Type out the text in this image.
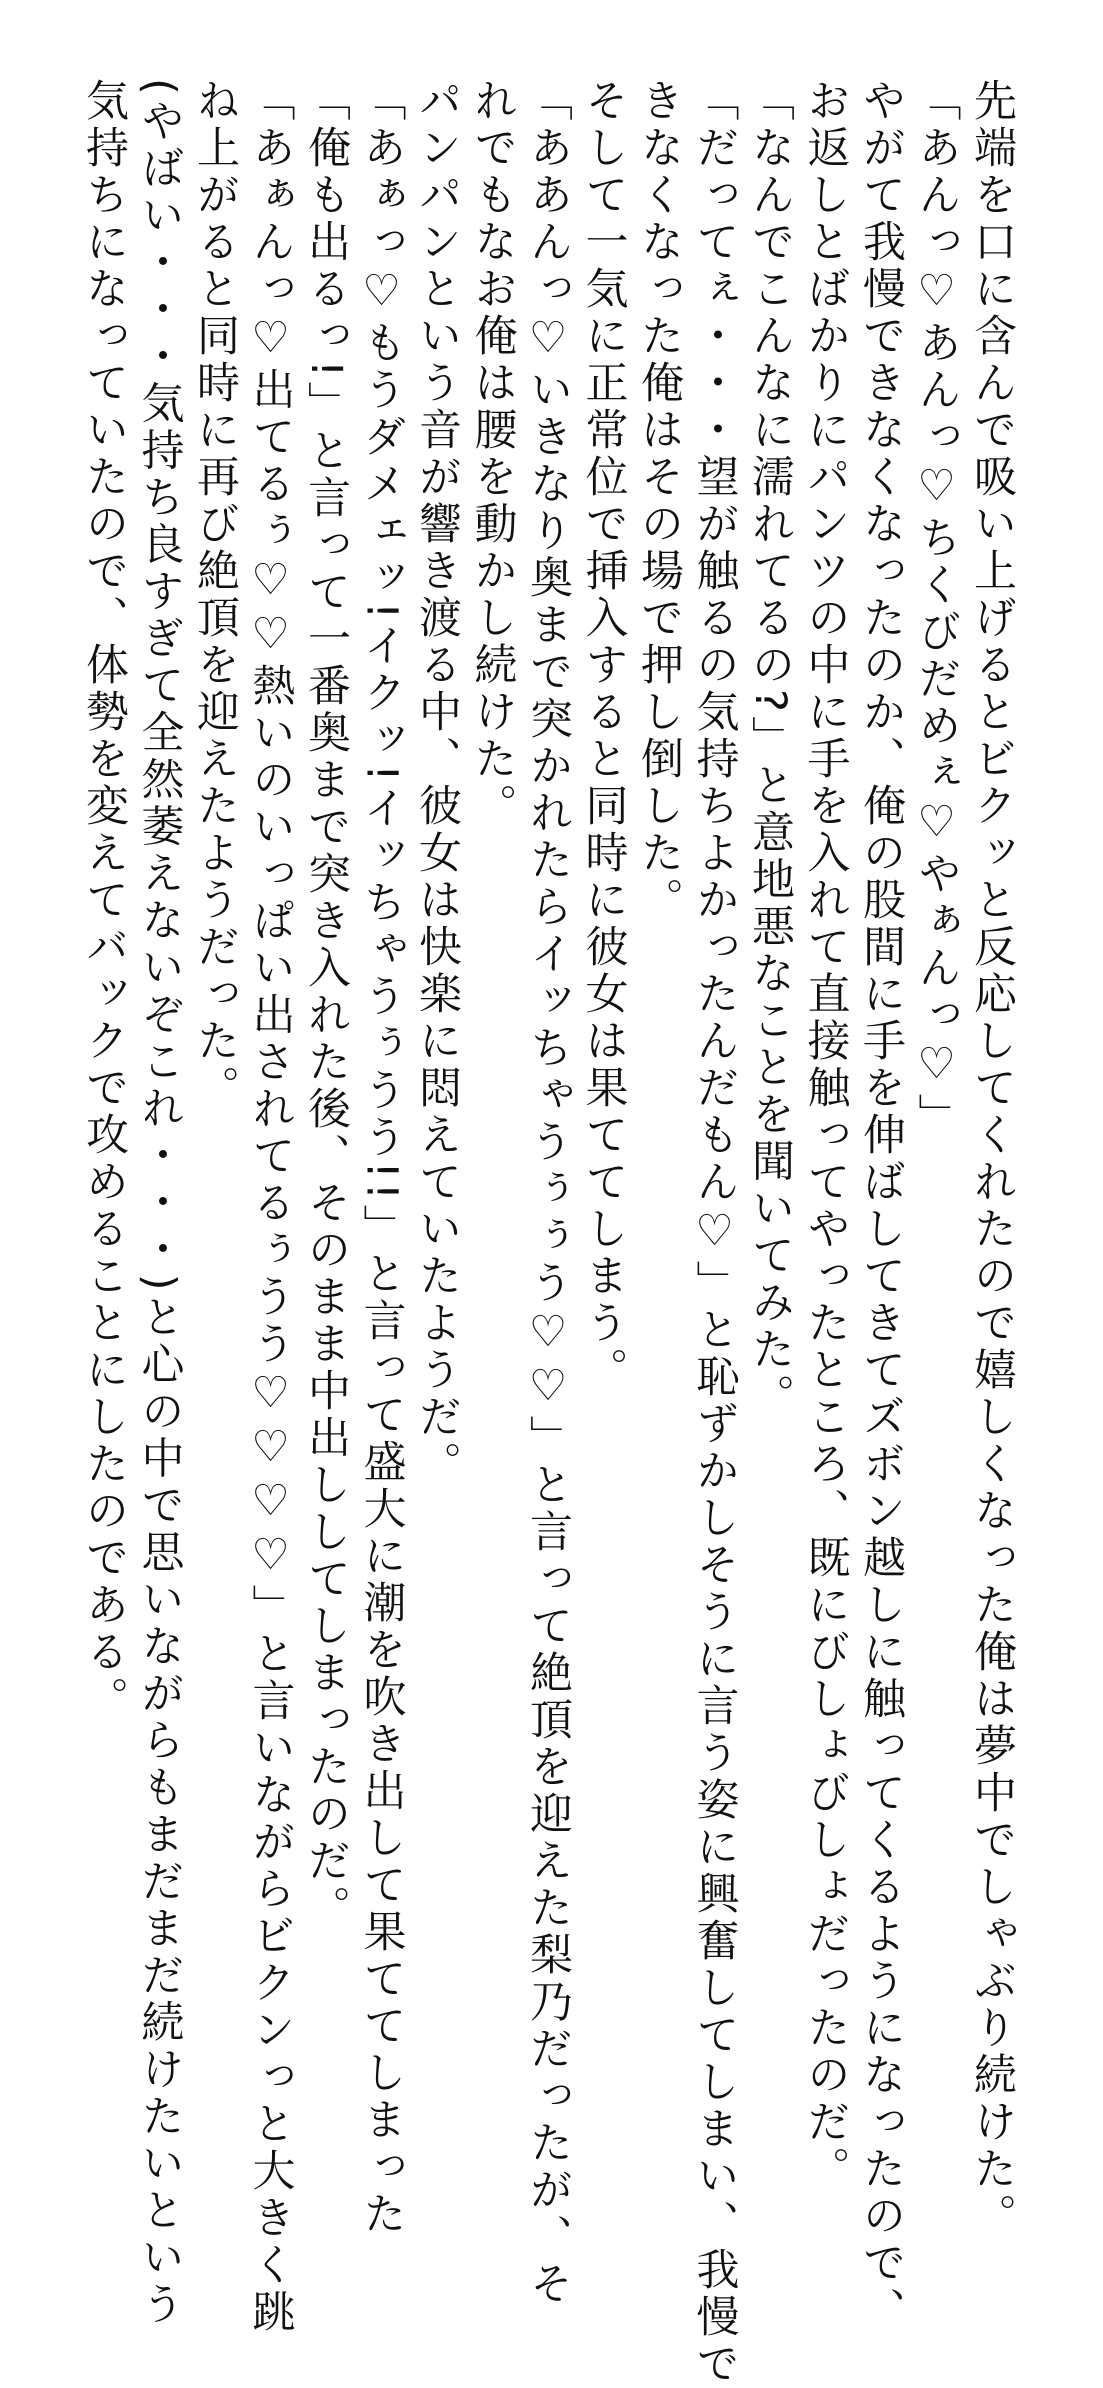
先端を口に含んで吸い上げるとビクッと反応してくれたので嬉しくなった俺は夢中でしゃぶり続けた。
「あんっ♡あんっ♡ちくびだめぇ♡やぁんっ♡」
やがて我慢できなくなったのか、俺の股間に手を伸ばしてきてズボン越しに触ってくるようになったので、
お返しとばかりにパンツの中に手を入れて直接触ってやったところ、既にびしょびしょだったのだ。
「なんでこんなに濡れてるの?」と意地悪なことを聞いてみた。
「だってぇ・・・望が触るの気持ちよかったんだもん♡」と恥ずかしそうに言う姿に興奮してしまい、我慢で
きなくなった俺はその場で押し倒した。
そして一気に正常位で挿入すると同時に彼女は果ててしまう。
「ああんっ♡いきなり奥まで突かれたらイッちゃうぅぅう♡♡」と言って絶頂を迎えた梨乃だったが、そ
れでもなお俺は腰を動かし続けた。
パンパンという音が響き渡る中、彼女は快楽に悶えていたようだ。
「あぁっ♡もうダメェッ!イクッ!イッちゃうぅうう!!」と言って盛大に潮を吹き出して果ててしまった
「俺も出るっ!」と言って一番奥まで突き入れた後、そのまま中出ししてしまったのだ。
「あぁんっ♡出てるぅ♡♡熱いのいっぱい出されてるぅうう♡♡♡♡」と言いながらビクンっと大きく跳
ね上がると同時に再び絶頂を迎えたようだった。
(やばい・・・気持ち良すぎて全然萎えないぞこれ・・・)と心の中で思いながらもまだまだ続けたいという
気持ちになっていたので、体勢を変えてバックで攻めることにしたのである。
